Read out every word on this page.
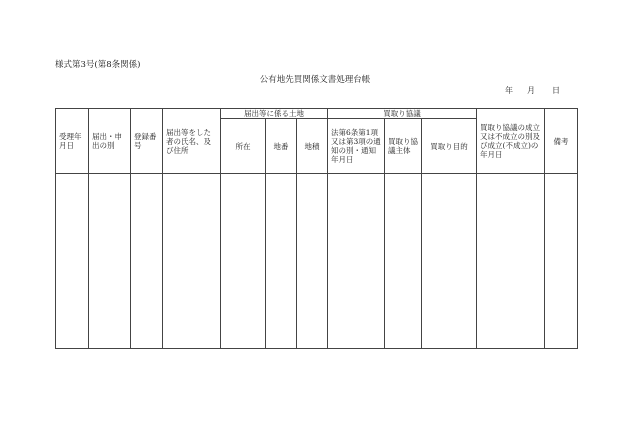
様式第3号(第8条関係)
公有地先買関係文書処理台帳
年 月 日
受理年月日	届出・申出の別	登録番号	届出等をした者の氏名、及び住所	届出等に係る土地			買取り協議			買取り協議の成立又は不成立の別及び成立(不成立)の年月日	備考
				所在	地番	地積	法第6条第1項又は第3項の通知の別・通知年月日	買取り協議主体	買取り目的		
